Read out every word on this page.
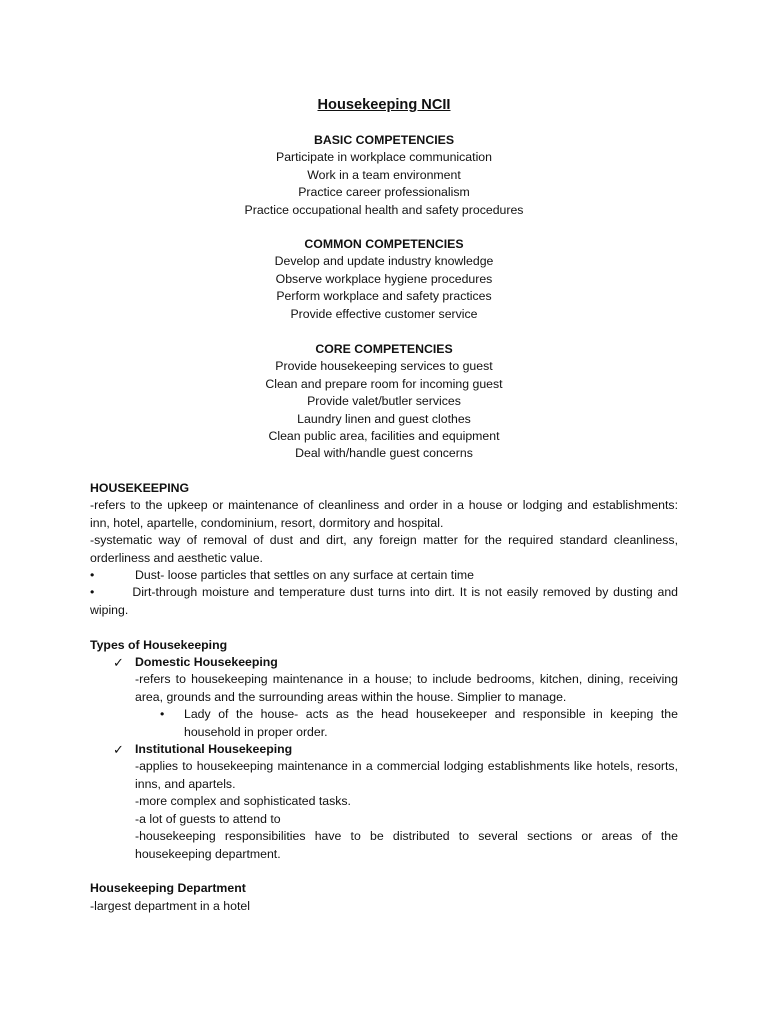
Housekeeping NCII
BASIC COMPETENCIES
Participate in workplace communication
Work in a team environment
Practice career professionalism
Practice occupational health and safety procedures
COMMON COMPETENCIES
Develop and update industry knowledge
Observe workplace hygiene procedures
Perform workplace and safety practices
Provide effective customer service
CORE COMPETENCIES
Provide housekeeping services to guest
Clean and prepare room for incoming guest
Provide valet/butler services
Laundry linen and guest clothes
Clean public area, facilities and equipment
Deal with/handle guest concerns
HOUSEKEEPING
-refers to the upkeep or maintenance of cleanliness and order in a house or lodging and establishments: inn, hotel, apartelle, condominium, resort, dormitory and hospital.
-systematic way of removal of dust and dirt, any foreign matter for the required standard cleanliness, orderliness and aesthetic value.
•	Dust- loose particles that settles on any surface at certain time
•	Dirt-through moisture and temperature dust turns into dirt. It is not easily removed by dusting and wiping.
Types of Housekeeping
✓ Domestic Housekeeping
-refers to housekeeping maintenance in a house; to include bedrooms, kitchen, dining, receiving area, grounds and the surrounding areas within the house. Simplier to manage.
• Lady of the house- acts as the head housekeeper and responsible in keeping the household in proper order.
✓ Institutional Housekeeping
-applies to housekeeping maintenance in a commercial lodging establishments like hotels, resorts, inns, and apartels.
-more complex and sophisticated tasks.
-a lot of guests to attend to
-housekeeping responsibilities have to be distributed to several sections or areas of the housekeeping department.
Housekeeping Department
-largest department in a hotel
